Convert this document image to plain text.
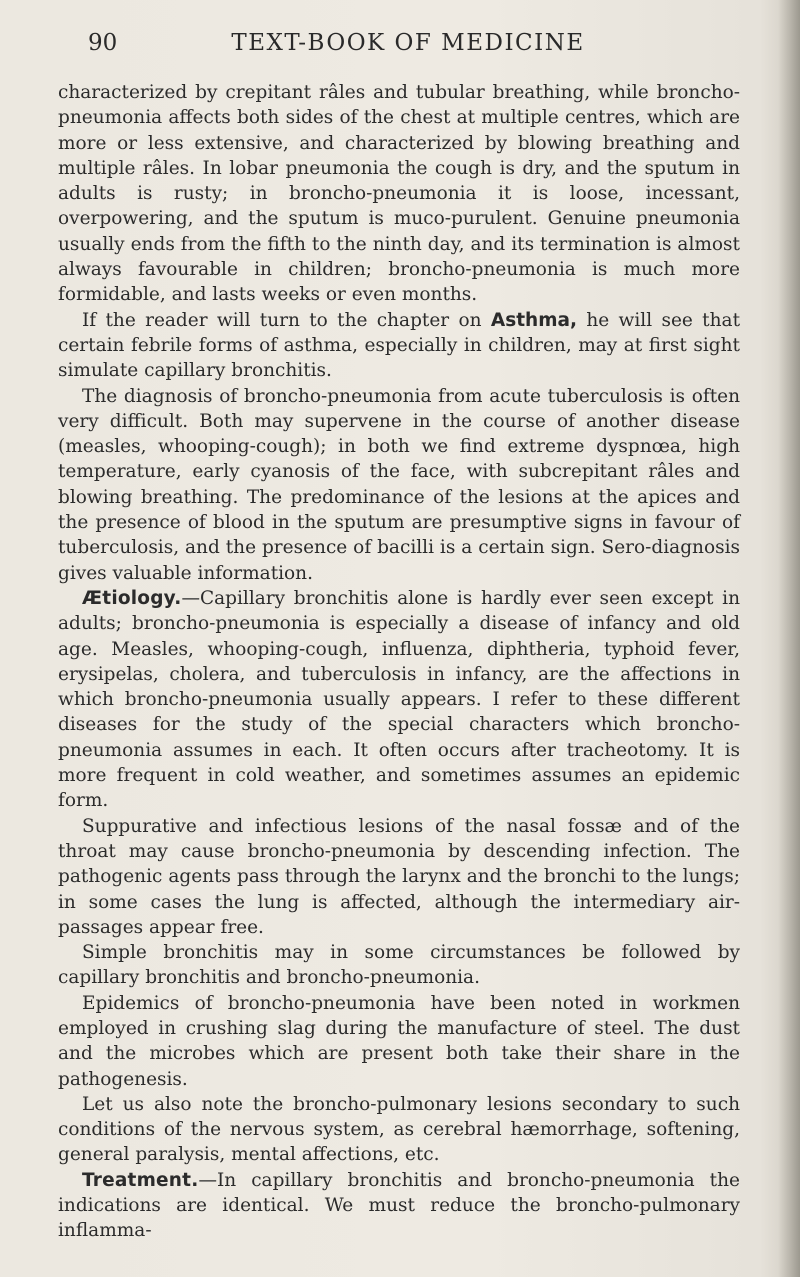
90	TEXT-BOOK OF MEDICINE

characterized by crepitant râles and tubular breathing, while broncho-pneumonia affects both sides of the chest at multiple centres, which are more or less extensive, and characterized by blowing breathing and multiple râles. In lobar pneumonia the cough is dry, and the sputum in adults is rusty; in broncho-pneumonia it is loose, incessant, overpowering, and the sputum is muco-purulent. Genuine pneumonia usually ends from the fifth to the ninth day, and its termination is almost always favourable in children; broncho-pneumonia is much more formidable, and lasts weeks or even months.

If the reader will turn to the chapter on Asthma, he will see that certain febrile forms of asthma, especially in children, may at first sight simulate capillary bronchitis.

The diagnosis of broncho-pneumonia from acute tuberculosis is often very difficult. Both may supervene in the course of another disease (measles, whooping-cough); in both we find extreme dyspnœa, high temperature, early cyanosis of the face, with subcrepitant râles and blowing breathing. The predominance of the lesions at the apices and the presence of blood in the sputum are presumptive signs in favour of tuberculosis, and the presence of bacilli is a certain sign. Sero-diagnosis gives valuable information.

Ætiology.—Capillary bronchitis alone is hardly ever seen except in adults; broncho-pneumonia is especially a disease of infancy and old age. Measles, whooping-cough, influenza, diphtheria, typhoid fever, erysipelas, cholera, and tuberculosis in infancy, are the affections in which broncho-pneumonia usually appears. I refer to these different diseases for the study of the special characters which broncho-pneumonia assumes in each. It often occurs after tracheotomy. It is more frequent in cold weather, and sometimes assumes an epidemic form.

Suppurative and infectious lesions of the nasal fossæ and of the throat may cause broncho-pneumonia by descending infection. The pathogenic agents pass through the larynx and the bronchi to the lungs; in some cases the lung is affected, although the intermediary air-passages appear free.

Simple bronchitis may in some circumstances be followed by capillary bronchitis and broncho-pneumonia.

Epidemics of broncho-pneumonia have been noted in workmen employed in crushing slag during the manufacture of steel. The dust and the microbes which are present both take their share in the pathogenesis.

Let us also note the broncho-pulmonary lesions secondary to such conditions of the nervous system, as cerebral hæmorrhage, softening, general paralysis, mental affections, etc.

Treatment.—In capillary bronchitis and broncho-pneumonia the indications are identical. We must reduce the broncho-pulmonary inflamma-
